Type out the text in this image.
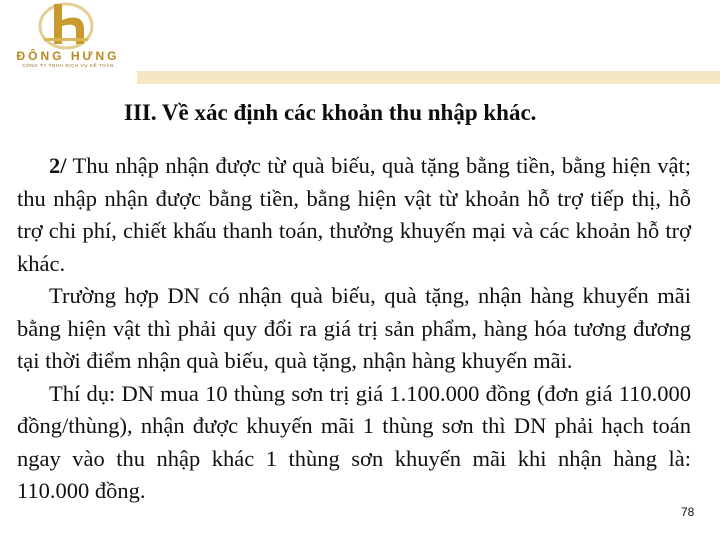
ĐÔNG HƯNG
CÔNG TY TNHH DỊCH VỤ KẾ TOÁN
III. Về xác định các khoản thu nhập khác.

2/ Thu nhập nhận được từ quà biếu, quà tặng bằng tiền, bằng hiện vật; thu nhập nhận được bằng tiền, bằng hiện vật từ khoản hỗ trợ tiếp thị, hỗ trợ chi phí, chiết khấu thanh toán, thưởng khuyến mại và các khoản hỗ trợ khác.

Trường hợp DN có nhận quà biếu, quà tặng, nhận hàng khuyến mãi bằng hiện vật thì phải quy đổi ra giá trị sản phẩm, hàng hóa tương đương tại thời điểm nhận quà biếu, quà tặng, nhận hàng khuyến mãi.

Thí dụ: DN mua 10 thùng sơn trị giá 1.100.000 đồng (đơn giá 110.000 đồng/thùng), nhận được khuyến mãi 1 thùng sơn thì DN phải hạch toán ngay vào thu nhập khác 1 thùng sơn khuyến mãi khi nhận hàng là: 110.000 đồng.

78
